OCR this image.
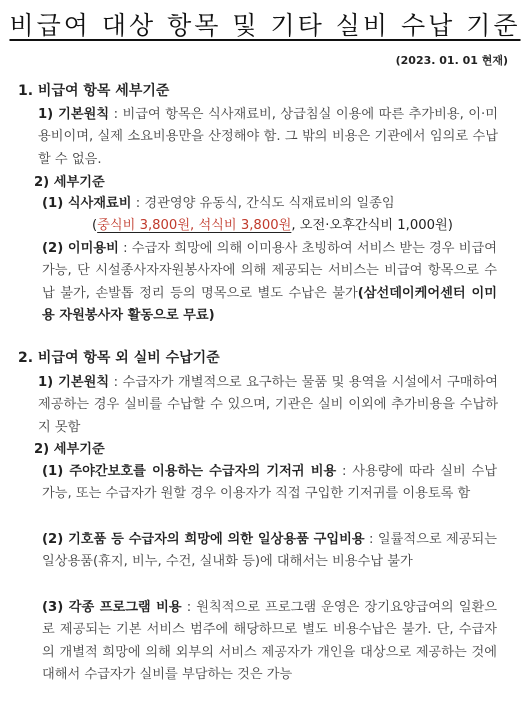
비급여 대상 항목 및 기타 실비 수납 기준
(2023. 01. 01 현재)
1. 비급여 항목 세부기준
1) 기본원칙 : 비급여 항목은 식사재료비, 상급침실 이용에 따른 추가비용, 이·미용비이며, 실제 소요비용만을 산정해야 함. 그 밖의 비용은 기관에서 임의로 수납할 수 없음.
2) 세부기준
(1) 식사재료비 : 경관영양 유동식, 간식도 식재료비의 일종임
(중식비 3,800원, 석식비 3,800원, 오전·오후간식비 1,000원)
(2) 이미용비 : 수급자 희망에 의해 이미용사 초빙하여 서비스 받는 경우 비급여 가능, 단 시설종사자자원봉사자에 의해 제공되는 서비스는 비급여 항목으로 수납 불가, 손발톱 정리 등의 명목으로 별도 수납은 불가(삼선데이케어센터 이미용 자원봉사자 활동으로 무료)
2. 비급여 항목 외 실비 수납기준
1) 기본원칙 : 수급자가 개별적으로 요구하는 물품 및 용역을 시설에서 구매하여 제공하는 경우 실비를 수납할 수 있으며, 기관은 실비 이외에 추가비용을 수납하지 못함
2) 세부기준
(1) 주야간보호를 이용하는 수급자의 기저귀 비용 : 사용량에 따라 실비 수납 가능, 또는 수급자가 원할 경우 이용자가 직접 구입한 기저귀를 이용토록 함
(2) 기호품 등 수급자의 희망에 의한 일상용품 구입비용 : 일률적으로 제공되는 일상용품(휴지, 비누, 수건, 실내화 등)에 대해서는 비용수납 불가
(3) 각종 프로그램 비용 : 원칙적으로 프로그램 운영은 장기요양급여의 일환으로 제공되는 기본 서비스 범주에 해당하므로 별도 비용수납은 불가. 단, 수급자의 개별적 희망에 의해 외부의 서비스 제공자가 개인을 대상으로 제공하는 것에 대해서 수급자가 실비를 부담하는 것은 가능
